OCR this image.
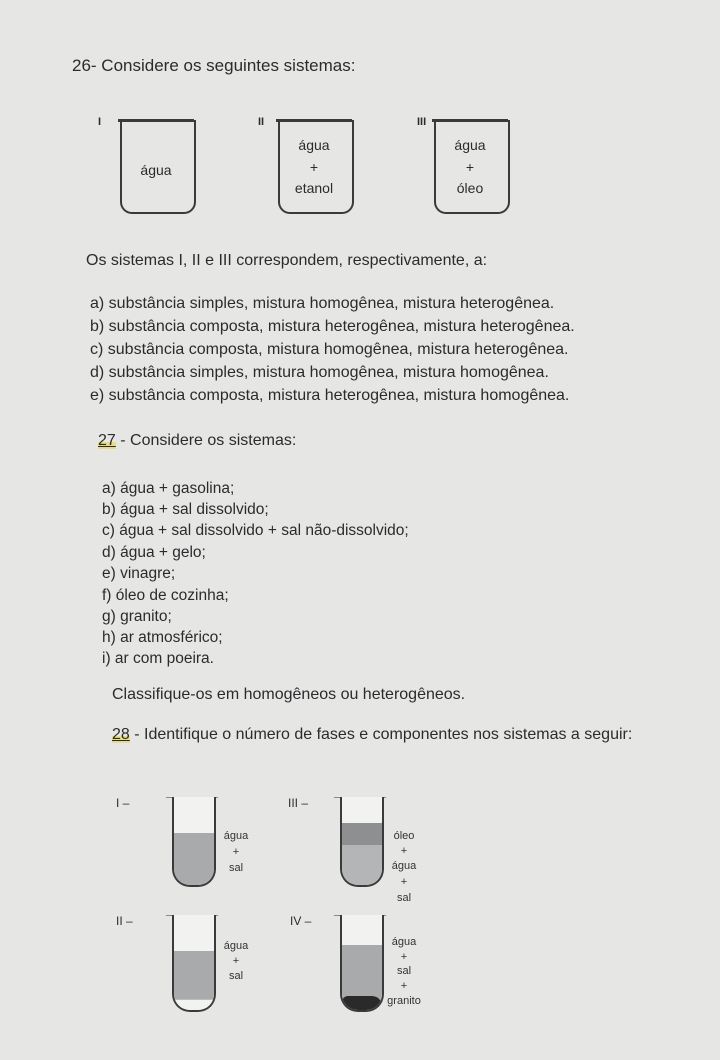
26- Considere os seguintes sistemas:
I
água
II
água
+
etanol
III
água
+
óleo
Os sistemas I, II e III correspondem, respectivamente, a:
a) substância simples, mistura homogênea, mistura heterogênea.
b) substância composta, mistura heterogênea, mistura heterogênea.
c) substância composta, mistura homogênea, mistura heterogênea.
d) substância simples, mistura homogênea, mistura homogênea.
e) substância composta, mistura heterogênea, mistura homogênea.
27 - Considere os sistemas:
a) água + gasolina;
b) água + sal dissolvido;
c) água + sal dissolvido + sal não-dissolvido;
d) água + gelo;
e) vinagre;
f) óleo de cozinha;
g) granito;
h) ar atmosférico;
i) ar com poeira.
Classifique-os em homogêneos ou heterogêneos.
28 - Identifique o número de fases e componentes nos sistemas a seguir:
I –
água
+
sal
II –
água
+
sal
III –
óleo
+
água
+
sal
IV –
água
+
sal
+
granito
